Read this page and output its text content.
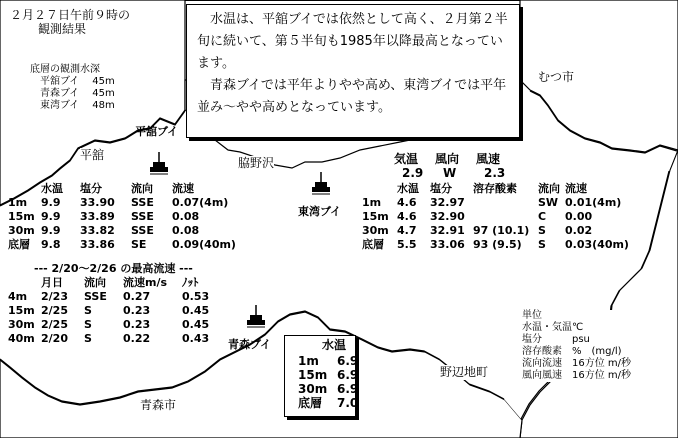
２月２７日午前９時の
観測結果
底層の観測水深
平舘ブイ 45m
青森ブイ 45m
東湾ブイ 48m

水温は、平舘ブイでは依然として高く、２月第２半旬に続いて、第５半旬も1985年以降最高となっています。

青森ブイでは平年よりやや高め、東湾ブイでは平年並み〜やや高めとなっています。

平舘ブイ
平舘
脇野沢
むつ市
東湾ブイ
青森ブイ
青森市
野辺地町
	水温	塩分	流向	流速
1m	9.9	33.90	SSE	0.07(4m)
15m	9.9	33.89	SSE	0.08
30m	9.9	33.82	SSE	0.08
底層	9.8	33.86	SE	0.09(40m)
--- 2/20～2/26 の最高流速 ---
	月日	流向	流速m/s	ﾉｯﾄ
4m	2/23	SSE	0.27	0.53
15m	2/25	S	0.23	0.45
30m	2/25	S	0.23	0.45
40m	2/20	S	0.22	0.43
気温	風向	風速
2.9	W	2.3
	水温	塩分	溶存酸素	流向	流速
1m	4.6	32.97		SW	0.01(4m)
15m	4.6	32.90		C	0.00
30m	4.7	32.91	97 (10.1)	S	0.02
底層	5.5	33.06	93 (9.5)	S	0.03(40m)
水温
1m	6.9
15m	6.9
30m	6.9
底層	7.0
単位
水温・気温℃
塩分	psu
溶存酸素 %　(mg/l)
流向流速 16方位 m/秒
風向風速 16方位 m/秒
